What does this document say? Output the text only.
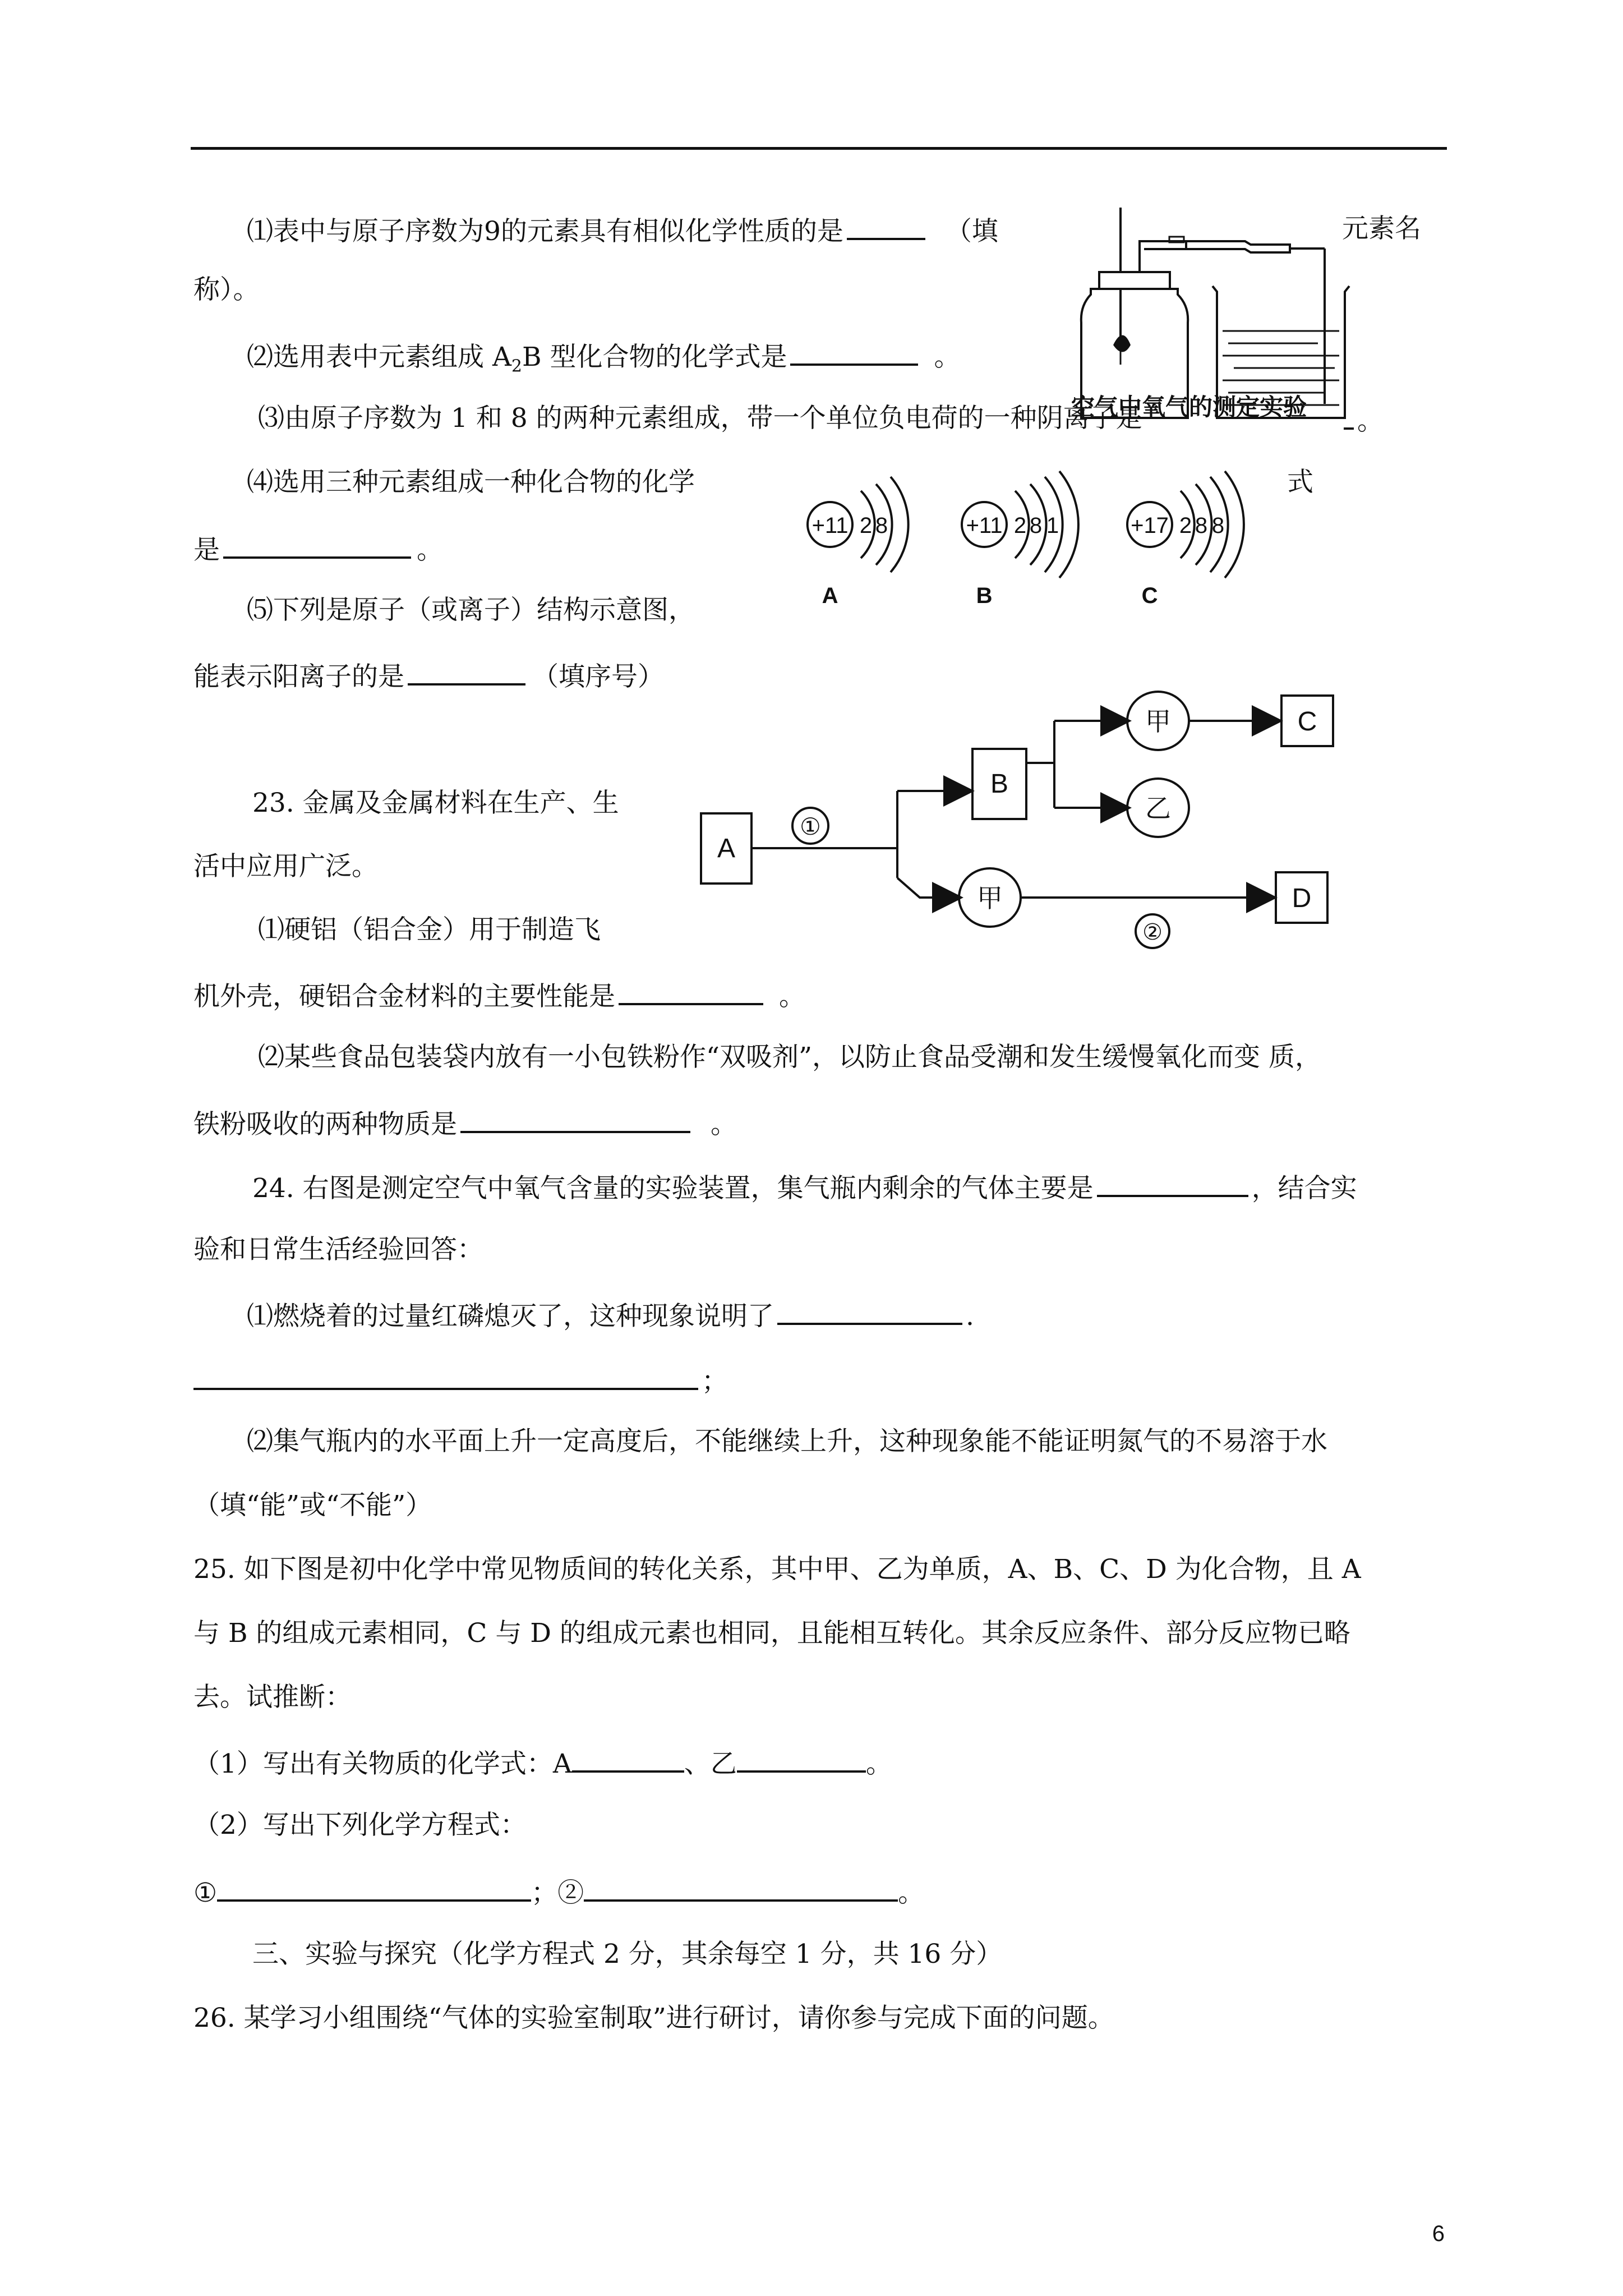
⑴表中与原子序数为9的元素具有相似化学性质的是	（填	元素名
称）。
⑵选用表中元素组成 $A_2B$ 型化合物的化学式是	。
⑶由原子序数为 1 和 8 的两种元素组成，带一个单位负电荷的一种阴离子是	。
⑷选用三种元素组成一种化合物的化学	式
是	。
⑸下列是原子（或离子）结构示意图，
能表示阳离子的是	（填序号）
空气中氧气的测定实验
+11 2 8
A
+11 2 8 1
B
+17 2 8 8
C
23. 金属及金属材料在生产、生
活中应用广泛。
⑴硬铝（铝合金）用于制造飞
机外壳，硬铝合金材料的主要性能是	。
A
①
B
甲
乙
C
甲
②
D
⑵某些食品包装袋内放有一小包铁粉作“双吸剂”，以防止食品受潮和发生缓慢氧化而变 质，
铁粉吸收的两种物质是	。
24. 右图是测定空气中氧气含量的实验装置，集气瓶内剩余的气体主要是	，结合实
验和日常生活经验回答：
⑴燃烧着的过量红磷熄灭了，这种现象说明了	.
；
⑵集气瓶内的水平面上升一定高度后，不能继续上升，这种现象能不能证明氮气的不易溶于水
（填“能”或“不能”）
25. 如下图是初中化学中常见物质间的转化关系，其中甲、乙为单质，A、B、C、D 为化合物，且 A
与 B 的组成元素相同，C 与 D 的组成元素也相同，且能相互转化。其余反应条件、部分反应物已略
去。试推断：
（1）写出有关物质的化学式：A	、乙	。
（2）写出下列化学方程式：
①	；②	。
三、实验与探究（化学方程式 2 分，其余每空 1 分，共 16 分）
26. 某学习小组围绕“气体的实验室制取”进行研讨，请你参与完成下面的问题。
6
